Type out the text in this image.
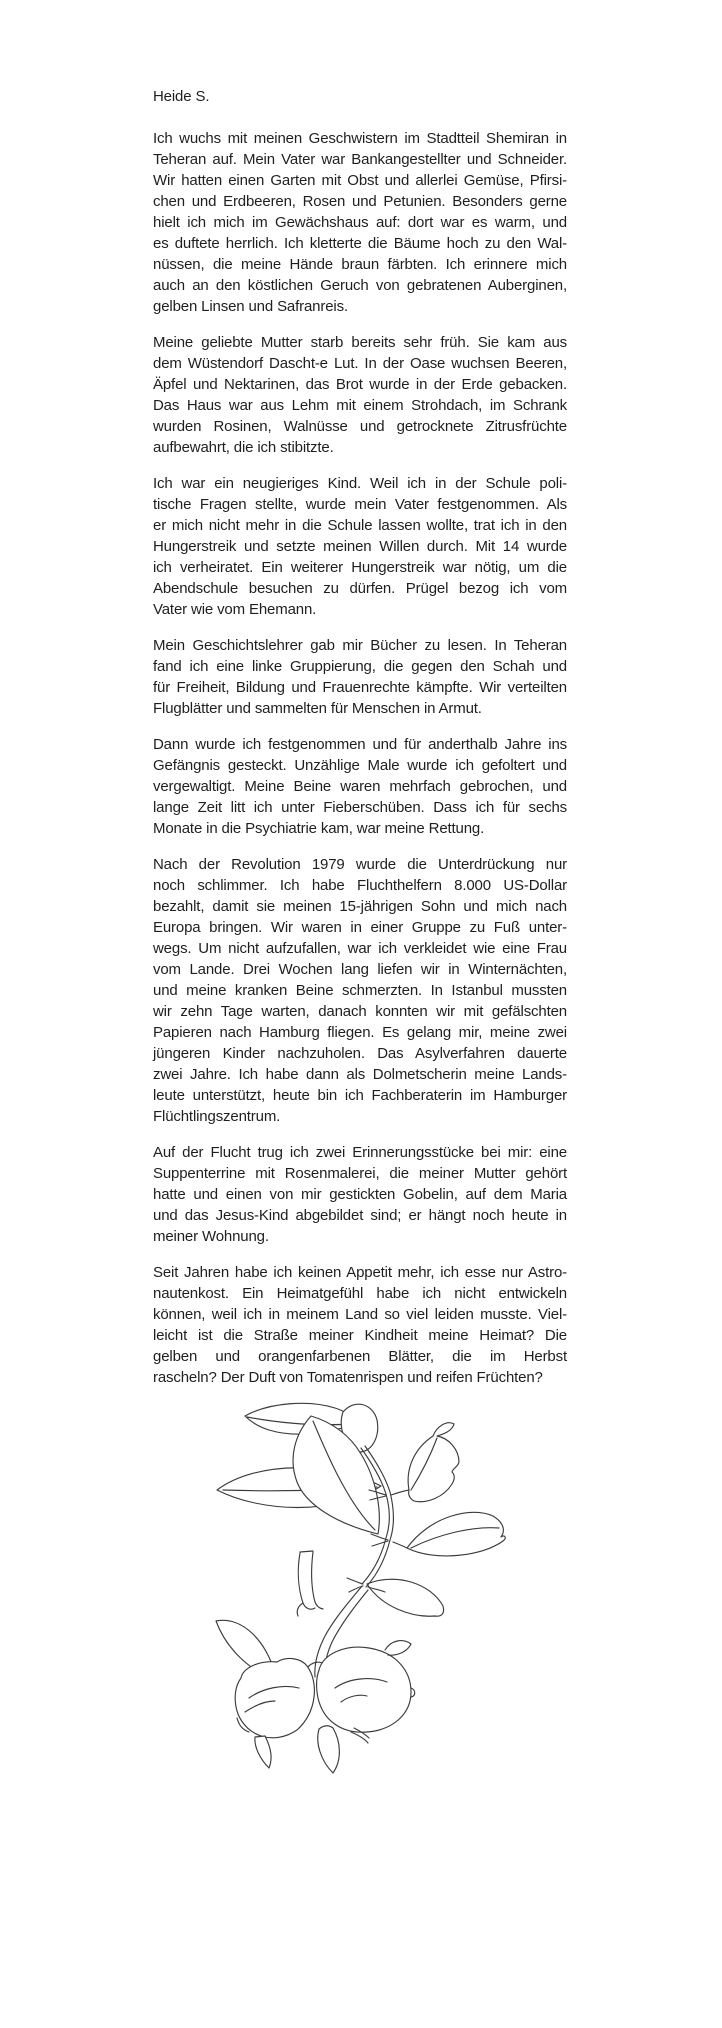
Heide S.

Ich wuchs mit meinen Geschwistern im Stadtteil Shemiran in
Teheran auf. Mein Vater war Bankangestellter und Schneider.
Wir hatten einen Garten mit Obst und allerlei Gemüse, Pfirsi-
chen und Erdbeeren, Rosen und Petunien. Besonders gerne
hielt ich mich im Gewächshaus auf: dort war es warm, und
es duftete herrlich. Ich kletterte die Bäume hoch zu den Wal-
nüssen, die meine Hände braun färbten. Ich erinnere mich
auch an den köstlichen Geruch von gebratenen Auberginen,
gelben Linsen und Safranreis.

Meine geliebte Mutter starb bereits sehr früh. Sie kam aus
dem Wüstendorf Dascht-e Lut. In der Oase wuchsen Beeren,
Äpfel und Nektarinen, das Brot wurde in der Erde gebacken.
Das Haus war aus Lehm mit einem Strohdach, im Schrank
wurden Rosinen, Walnüsse und getrocknete Zitrusfrüchte
aufbewahrt, die ich stibitzte.

Ich war ein neugieriges Kind. Weil ich in der Schule poli-
tische Fragen stellte, wurde mein Vater festgenommen. Als
er mich nicht mehr in die Schule lassen wollte, trat ich in den
Hungerstreik und setzte meinen Willen durch. Mit 14 wurde
ich verheiratet. Ein weiterer Hungerstreik war nötig, um die
Abendschule besuchen zu dürfen. Prügel bezog ich vom
Vater wie vom Ehemann.

Mein Geschichtslehrer gab mir Bücher zu lesen. In Teheran
fand ich eine linke Gruppierung, die gegen den Schah und
für Freiheit, Bildung und Frauenrechte kämpfte. Wir verteilten
Flugblätter und sammelten für Menschen in Armut.

Dann wurde ich festgenommen und für anderthalb Jahre ins
Gefängnis gesteckt. Unzählige Male wurde ich gefoltert und
vergewaltigt. Meine Beine waren mehrfach gebrochen, und
lange Zeit litt ich unter Fieberschüben. Dass ich für sechs
Monate in die Psychiatrie kam, war meine Rettung.

Nach der Revolution 1979 wurde die Unterdrückung nur
noch schlimmer. Ich habe Fluchthelfern 8.000 US-Dollar
bezahlt, damit sie meinen 15-jährigen Sohn und mich nach
Europa bringen. Wir waren in einer Gruppe zu Fuß unter-
wegs. Um nicht aufzufallen, war ich verkleidet wie eine Frau
vom Lande. Drei Wochen lang liefen wir in Winternächten,
und meine kranken Beine schmerzten. In Istanbul mussten
wir zehn Tage warten, danach konnten wir mit gefälschten
Papieren nach Hamburg fliegen. Es gelang mir, meine zwei
jüngeren Kinder nachzuholen. Das Asylverfahren dauerte
zwei Jahre. Ich habe dann als Dolmetscherin meine Lands-
leute unterstützt, heute bin ich Fachberaterin im Hamburger
Flüchtlingszentrum.

Auf der Flucht trug ich zwei Erinnerungsstücke bei mir: eine
Suppenterrine mit Rosenmalerei, die meiner Mutter gehört
hatte und einen von mir gestickten Gobelin, auf dem Maria
und das Jesus-Kind abgebildet sind; er hängt noch heute in
meiner Wohnung.

Seit Jahren habe ich keinen Appetit mehr, ich esse nur Astro-
nautenkost. Ein Heimatgefühl habe ich nicht entwickeln
können, weil ich in meinem Land so viel leiden musste. Viel-
leicht ist die Straße meiner Kindheit meine Heimat? Die
gelben und orangenfarbenen Blätter, die im Herbst
rascheln? Der Duft von Tomatenrispen und reifen Früchten?
